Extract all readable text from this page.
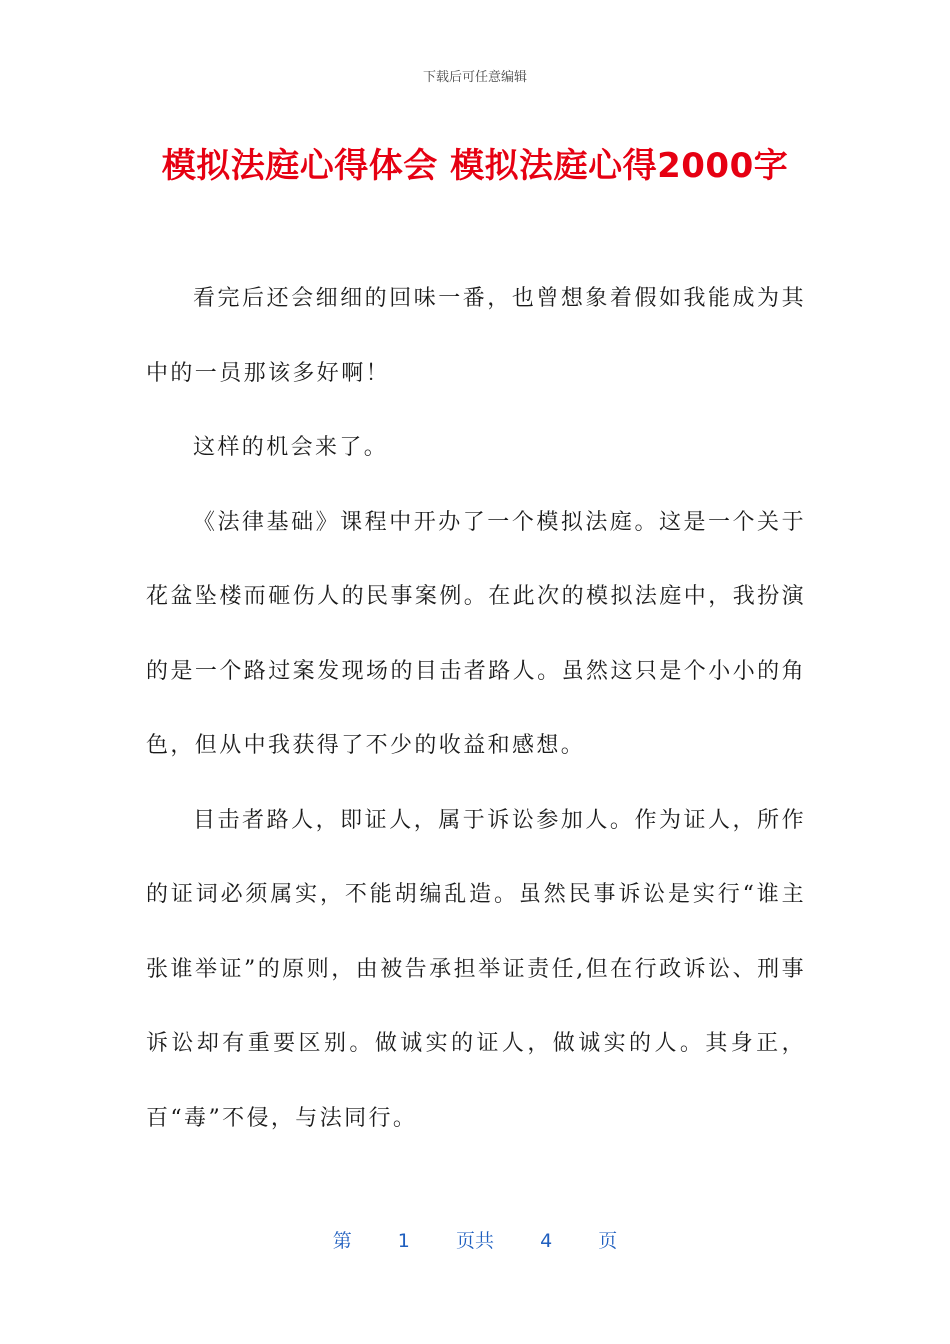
下载后可任意编辑
模拟法庭心得体会 模拟法庭心得2000字

看完后还会细细的回味一番，也曾想象着假如我能成为其中的一员那该多好啊！

这样的机会来了。

《法律基础》课程中开办了一个模拟法庭。这是一个关于花盆坠楼而砸伤人的民事案例。在此次的模拟法庭中，我扮演的是一个路过案发现场的目击者路人。虽然这只是个小小的角色，但从中我获得了不少的收益和感想。

目击者路人，即证人，属于诉讼参加人。作为证人，所作的证词必须属实，不能胡编乱造。虽然民事诉讼是实行“谁主张谁举证”的原则，由被告承担举证责任,但在行政诉讼、刑事诉讼却有重要区别。做诚实的证人，做诚实的人。其身正，百“毒”不侵，与法同行。

第 1 页共 4 页
